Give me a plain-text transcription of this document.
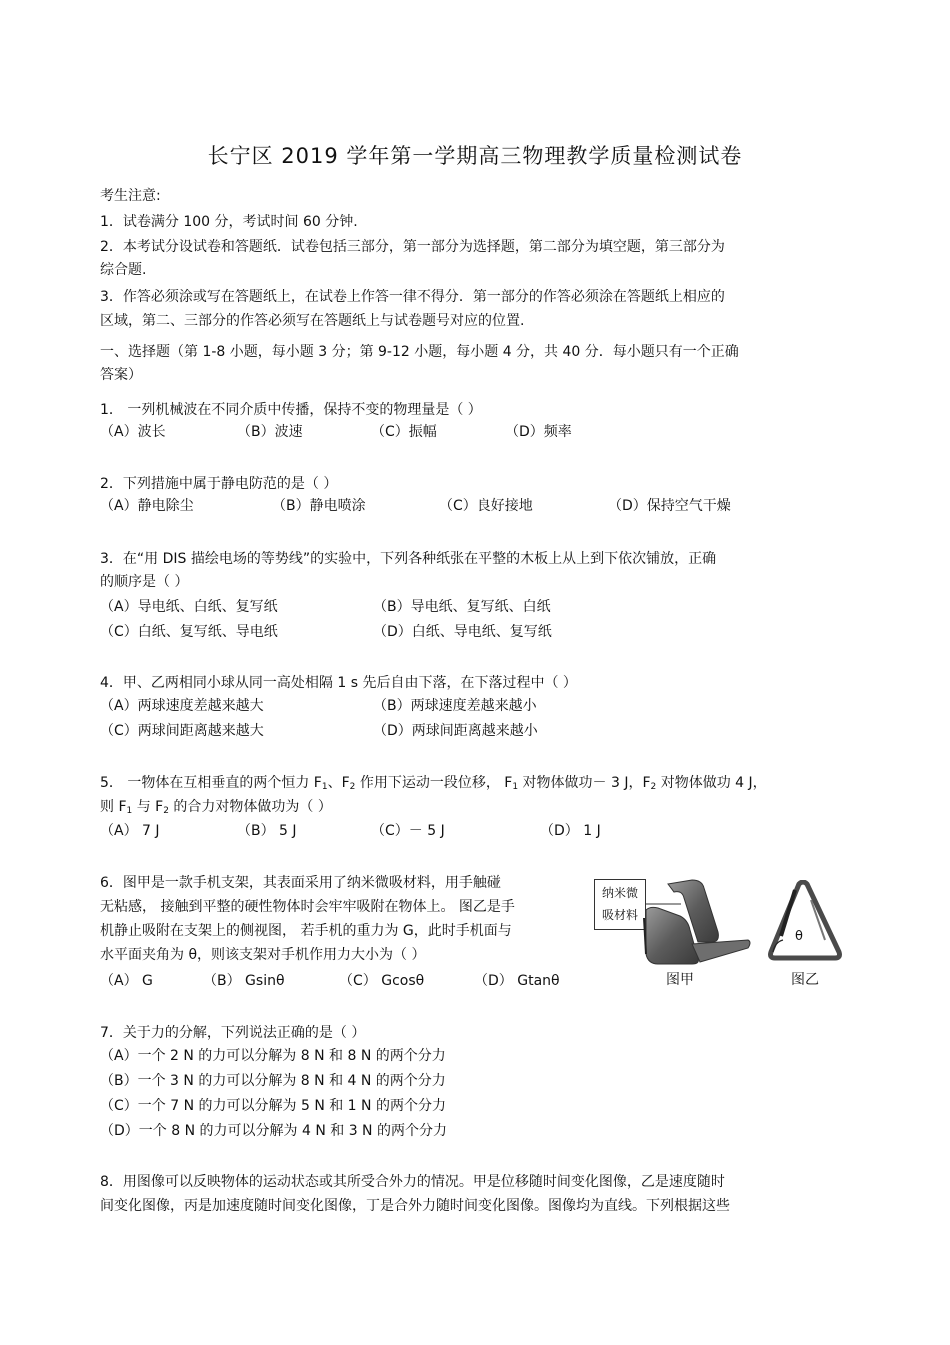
长宁区 2019 学年第一学期高三物理教学质量检测试卷
考生注意:
1．试卷满分 100 分，考试时间 60 分钟.
2．本考试分设试卷和答题纸．试卷包括三部分，第一部分为选择题，第二部分为填空题，第三部分为
综合题.
3．作答必须涂或写在答题纸上，在试卷上作答一律不得分．第一部分的作答必须涂在答题纸上相应的
区域，第二、三部分的作答必须写在答题纸上与试卷题号对应的位置.
一、选择题（第 1-8 小题，每小题 3 分；第 9-12 小题，每小题 4 分，共 40 分．每小题只有一个正确
答案）
1． 一列机械波在不同介质中传播，保持不变的物理量是（ ）
（A）波长	（B）波速	（C）振幅	（D）频率
2．下列措施中属于静电防范的是（ ）
（A）静电除尘	（B）静电喷涂	（C）良好接地	（D）保持空气干燥
3．在“用 DIS 描绘电场的等势线”的实验中，下列各种纸张在平整的木板上从上到下依次铺放，正确
的顺序是（ ）
（A）导电纸、白纸、复写纸	（B）导电纸、复写纸、白纸
（C）白纸、复写纸、导电纸	（D）白纸、导电纸、复写纸
4．甲、乙两相同小球从同一高处相隔 1 s 先后自由下落，在下落过程中（ ）
（A）两球速度差越来越大	（B）两球速度差越来越小
（C）两球间距离越来越大	（D）两球间距离越来越小
5． 一物体在互相垂直的两个恒力 $F_1$、$F_2$ 作用下运动一段位移， $F_1$ 对物体做功－ 3 J，$F_2$ 对物体做功 4 J，
则 $F_1$ 与 $F_2$ 的合力对物体做功为（ ）
（A） 7 J	（B） 5 J	（C）－ 5 J	（D） 1 J
6．图甲是一款手机支架，其表面采用了纳米微吸材料，用手触碰
无粘感， 接触到平整的硬性物体时会牢牢吸附在物体上。 图乙是手
机静止吸附在支架上的侧视图， 若手机的重力为 G，此时手机面与
水平面夹角为 θ，则该支架对手机作用力大小为（ ）
（A） G	（B） Gsinθ	（C） Gcosθ	（D） Gtanθ
纳米微
吸材料
θ
图甲	图乙
7．关于力的分解，下列说法正确的是（ ）
（A）一个 2 N 的力可以分解为 8 N 和 8 N 的两个分力
（B）一个 3 N 的力可以分解为 8 N 和 4 N 的两个分力
（C）一个 7 N 的力可以分解为 5 N 和 1 N 的两个分力
（D）一个 8 N 的力可以分解为 4 N 和 3 N 的两个分力
8．用图像可以反映物体的运动状态或其所受合外力的情况。甲是位移随时间变化图像，乙是速度随时
间变化图像，丙是加速度随时间变化图像，丁是合外力随时间变化图像。图像均为直线。下列根据这些
